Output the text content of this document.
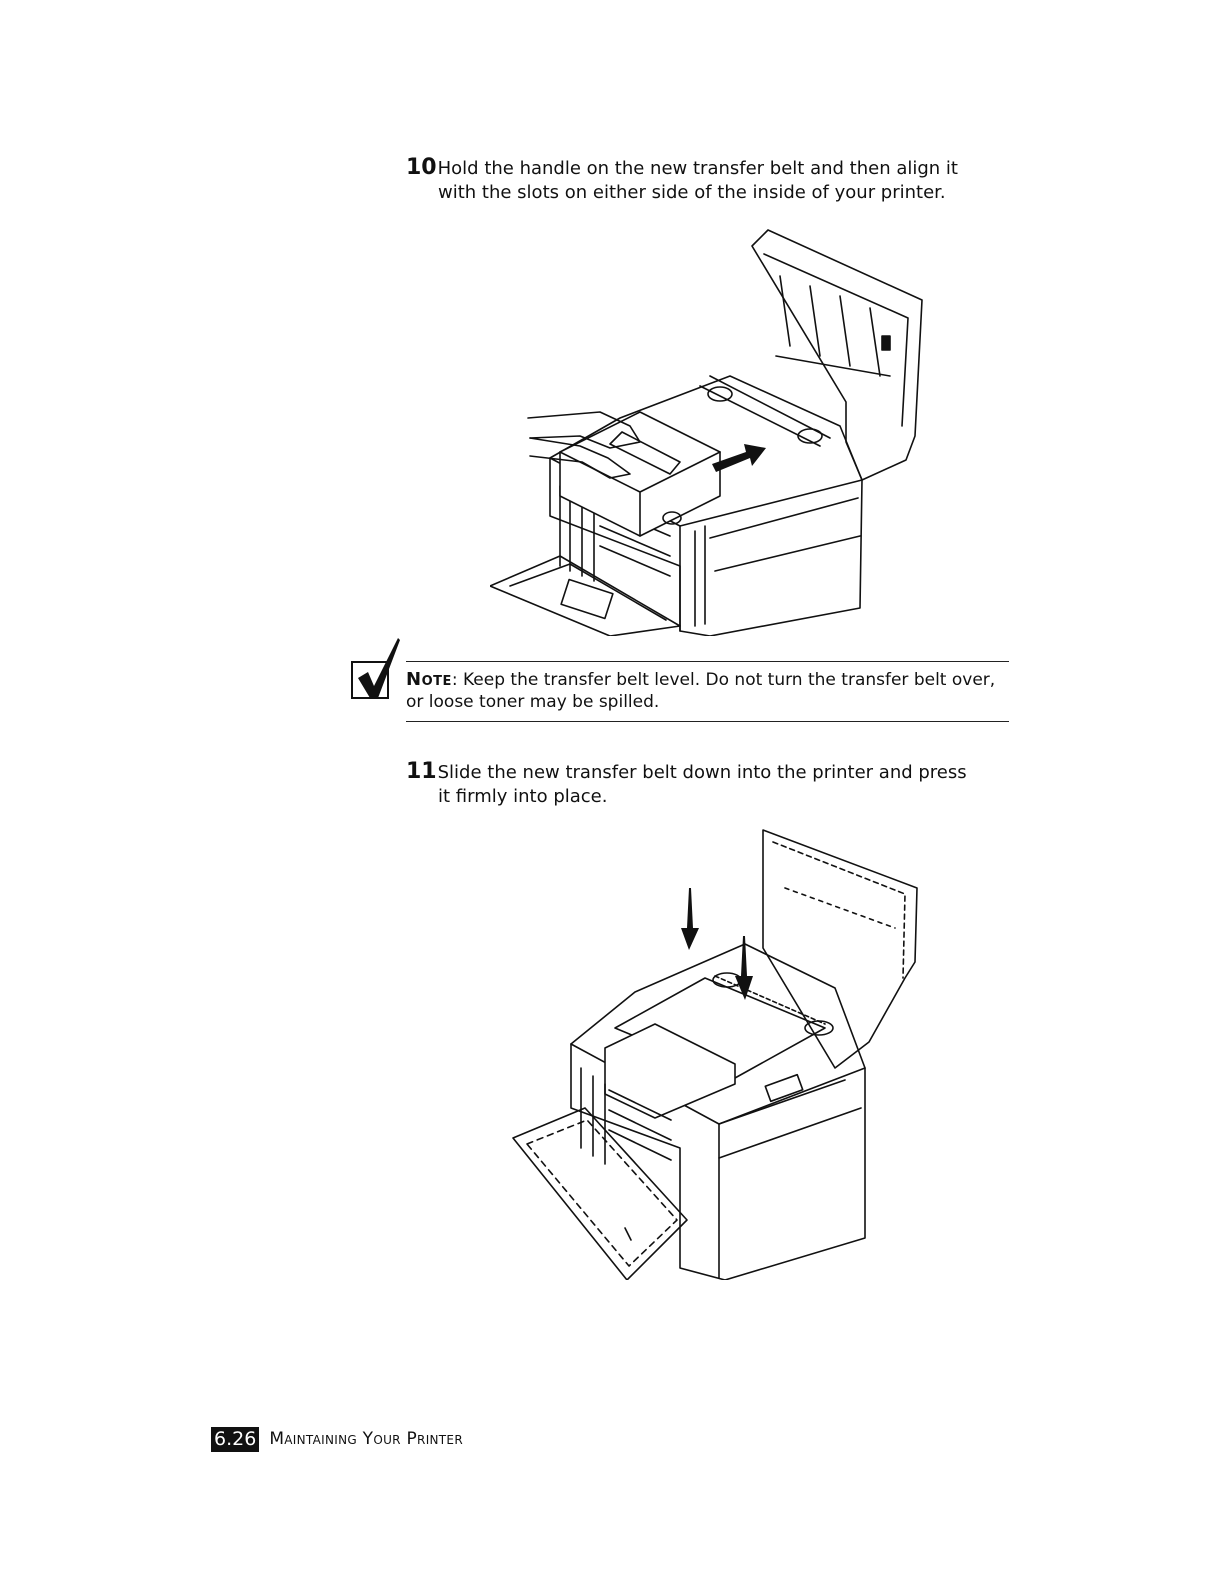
10Hold the handle on the new transfer belt and then align it
with the slots on either side of the inside of your printer.
Note: Keep the transfer belt level. Do not turn the transfer belt over, or loose toner may be spilled.
11Slide the new transfer belt down into the printer and press
it firmly into place.
6.26 Maintaining Your Printer
